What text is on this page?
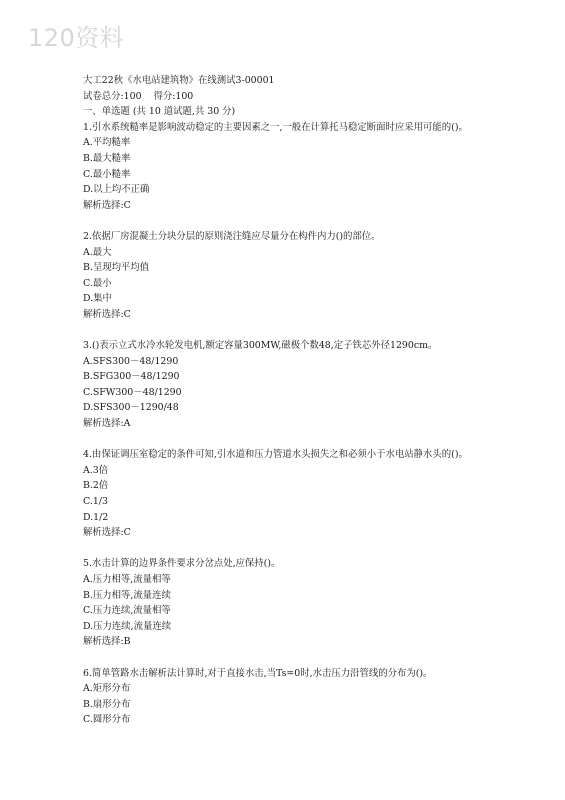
120资料
大工22秋《水电站建筑物》在线测试3-00001
试卷总分:100    得分:100
一、单选题 (共 10 道试题,共 30 分)
1.引水系统糙率是影响波动稳定的主要因素之一,一般在计算托马稳定断面时应采用可能的()。
A.平均糙率
B.最大糙率
C.最小糙率
D.以上均不正确
解析选择:C
2.依据厂房混凝土分块分层的原则浇注缝应尽量分在构件内力()的部位。
A.最大
B.呈现均平均值
C.最小
D.集中
解析选择:C
3.()表示立式水冷水轮发电机,额定容量300MW,磁极个数48,定子铁芯外径1290cm。
A.SFS300－48/1290
B.SFG300－48/1290
C.SFW300－48/1290
D.SFS300－1290/48
解析选择:A
4.由保证调压室稳定的条件可知,引水道和压力管道水头损失之和必须小于水电站静水头的()。
A.3倍
B.2倍
C.1/3
D.1/2
解析选择:C
5.水击计算的边界条件要求分岔点处,应保持()。
A.压力相等,流量相等
B.压力相等,流量连续
C.压力连续,流量相等
D.压力连续,流量连续
解析选择:B
6.简单管路水击解析法计算时,对于直接水击,当Ts=0时,水击压力沿管线的分布为()。
A.矩形分布
B.扇形分布
C.圆形分布
